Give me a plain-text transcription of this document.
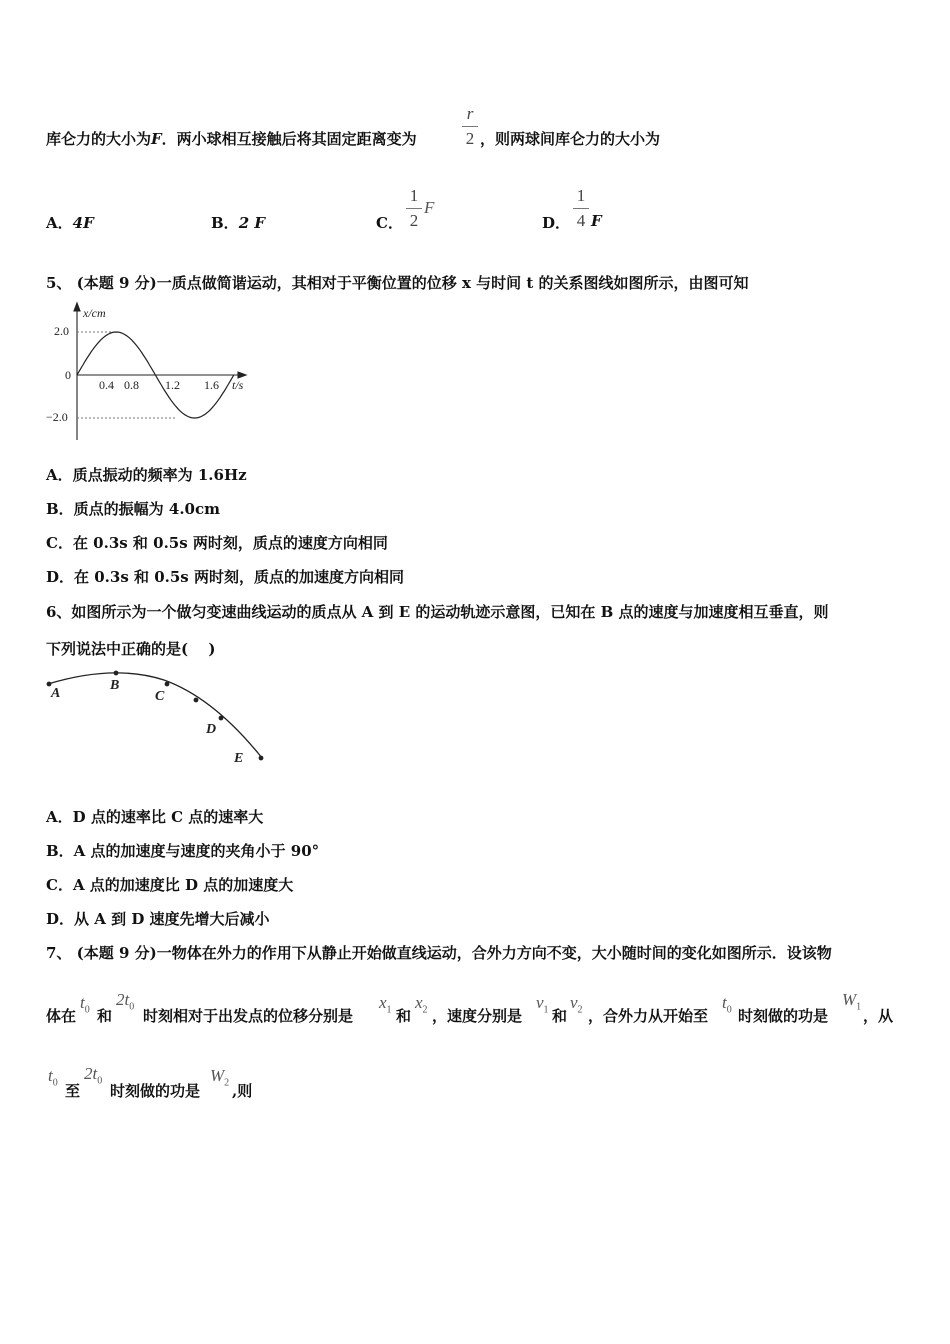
库仑力的大小为F．两小球相互接触后将其固定距离变为
r
2 ，则两球间库仑力的大小为
A．4F	B．2 F	C．
1
2
F
D．
1
4 F
5、 (本题 9 分)一质点做简谐运动，其相对于平衡位置的位移 x 与时间 t 的关系图线如图所示，由图可知
x/cm
t/s
2.0
0
−2.0
0.4 0.8 1.2 1.6
A．质点振动的频率为 1.6Hz
B．质点的振幅为 4.0cm
C．在 0.3s 和 0.5s 两时刻，质点的速度方向相同
D．在 0.3s 和 0.5s 两时刻，质点的加速度方向相同
6、如图所示为一个做匀变速曲线运动的质点从 A 到 E 的运动轨迹示意图，已知在 B 点的速度与加速度相互垂直，则
下列说法中正确的是(　 )
A
B
C
D
E
A．D 点的速率比 C 点的速率大
B．A 点的加速度与速度的夹角小于 90°
C．A 点的加速度比 D 点的加速度大
D．从 A 到 D 速度先增大后减小
7、 (本题 9 分)一物体在外力的作用下从静止开始做直线运动，合外力方向不变，大小随时间的变化如图所示．设该物
体在
$t_0$ 和
$2t_0$
时刻相对于出发点的位移分别是
$x_1$ 和
$x_2$ ，速度分别是
$v_1$ 和
$v_2$ ，合外力从开始至
$t_0$ 时刻做的功是
$W_1$
，从
$t_0$ 至
$2t_0$
时刻做的功是
$W_2$ ,则
